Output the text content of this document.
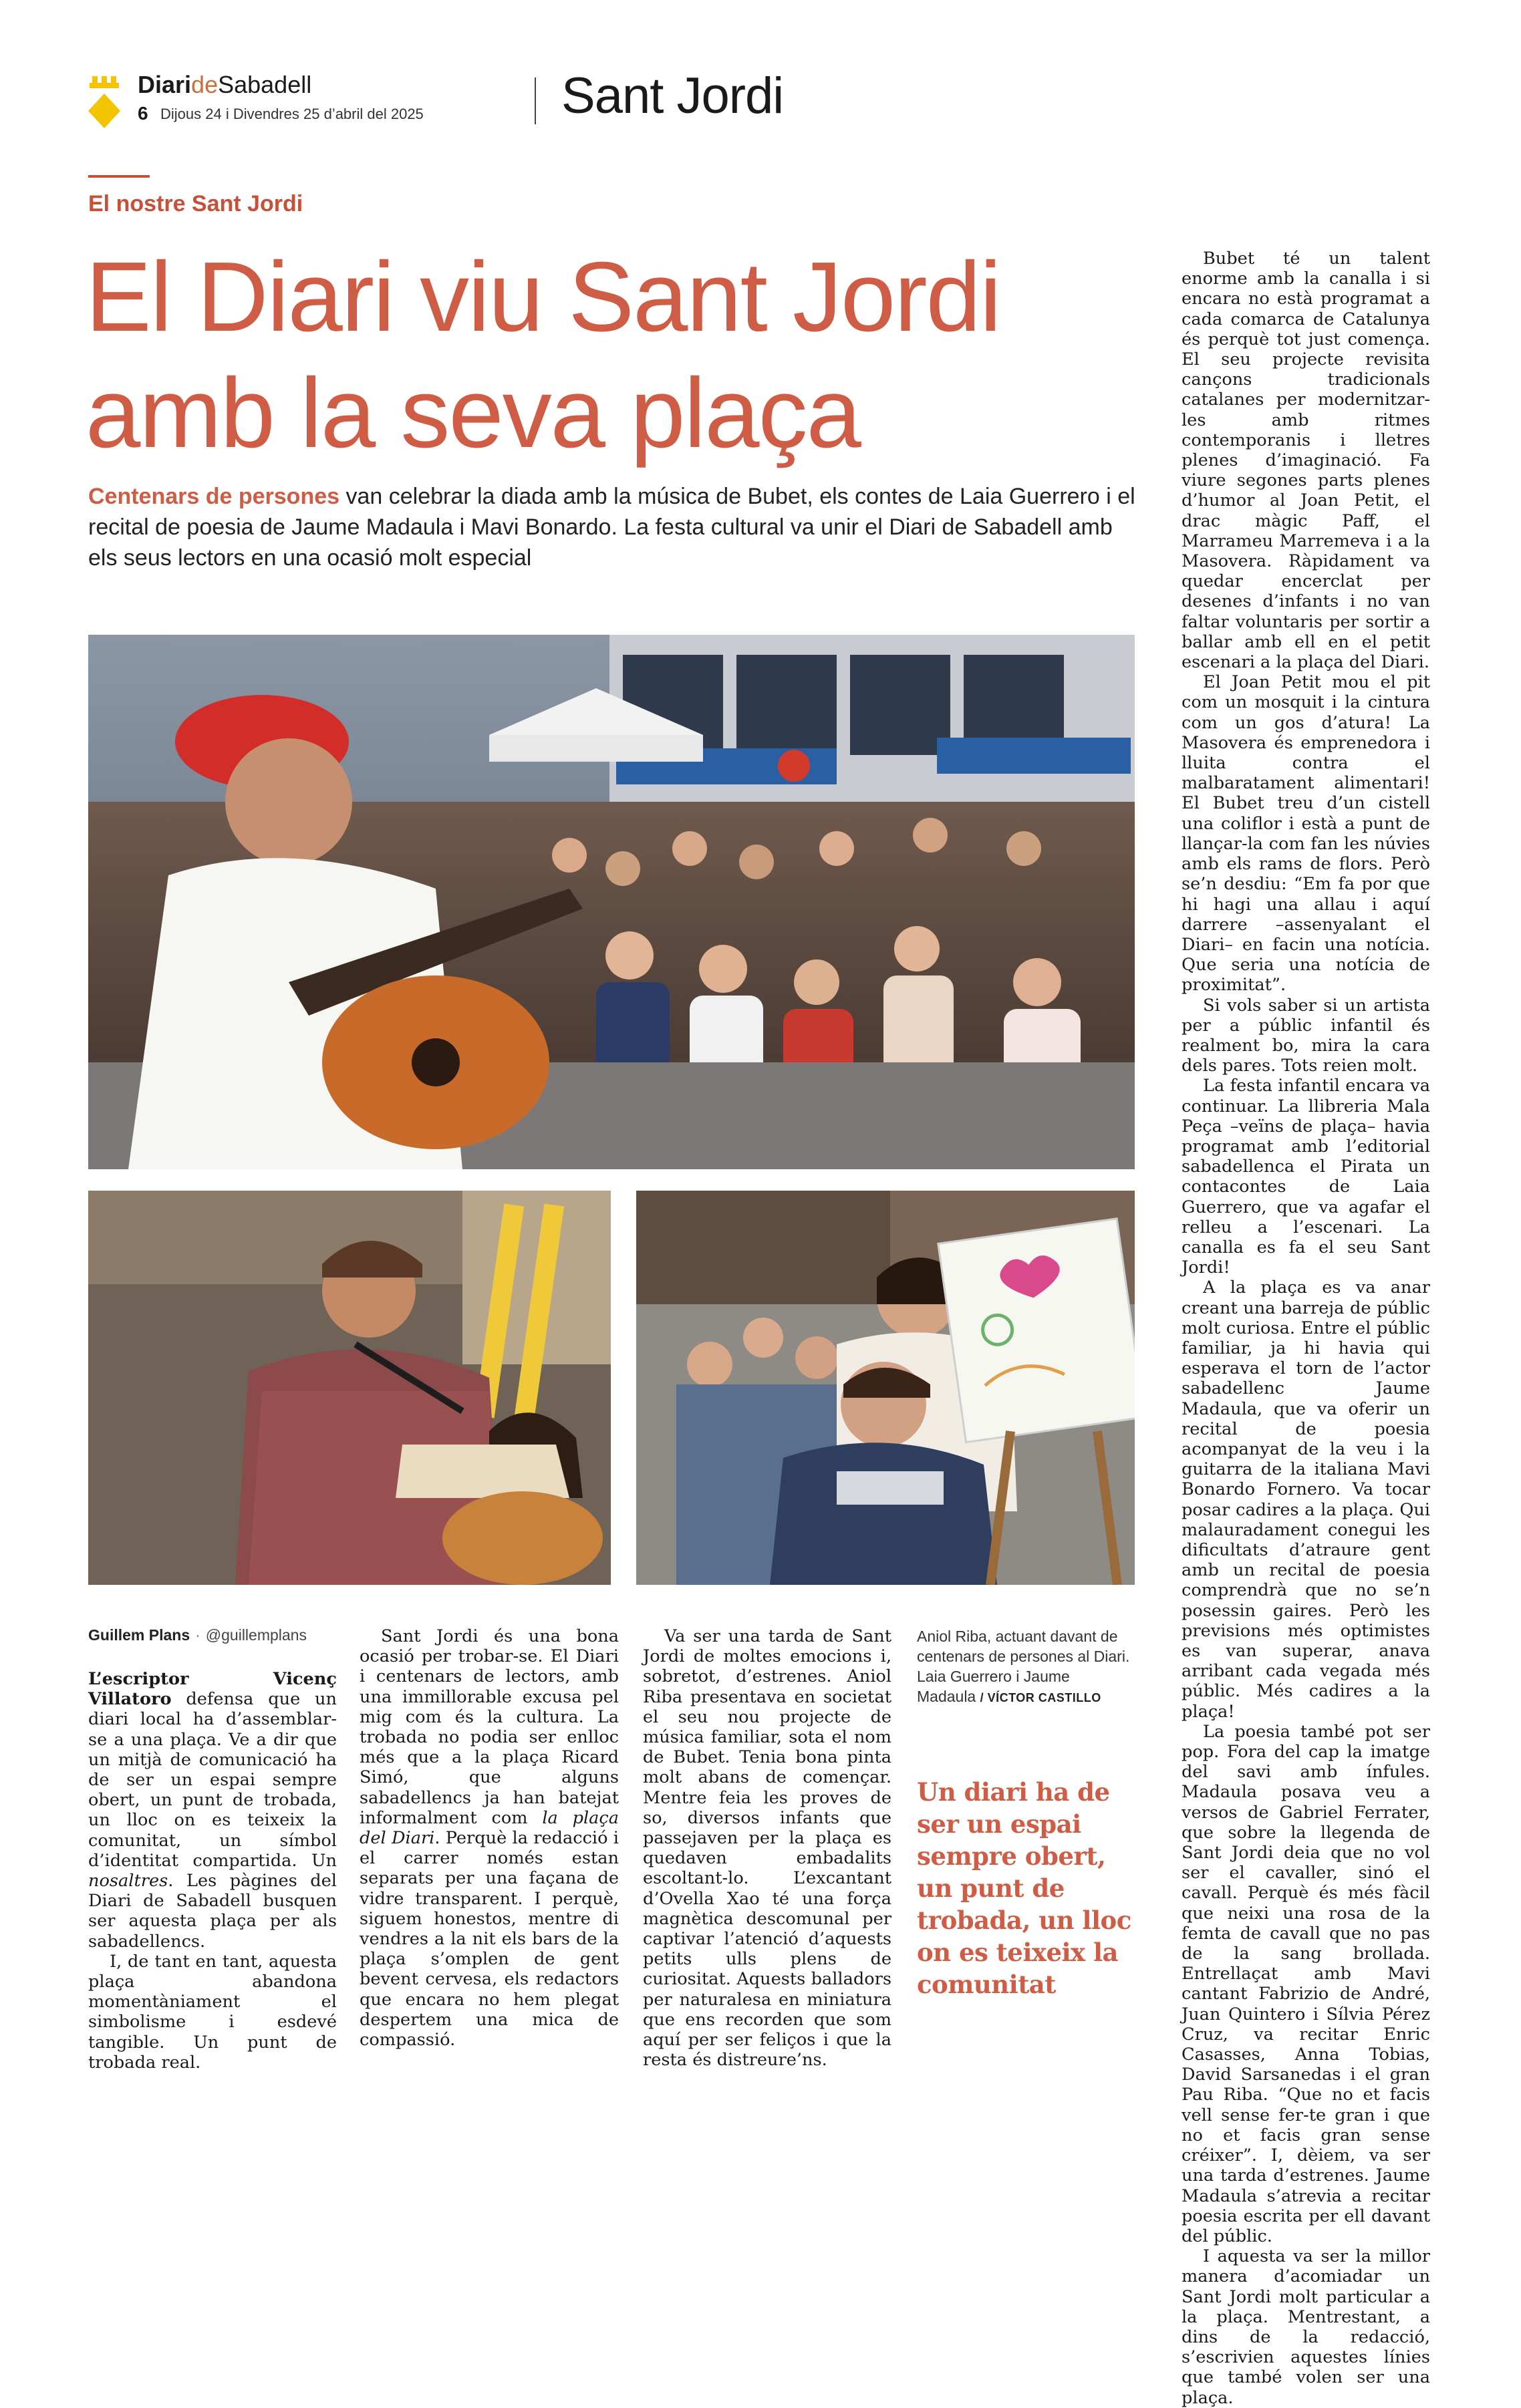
DiarideSabadell
6 Dijous 24 i Divendres 25 d’abril del 2025	Sant Jordi
El nostre Sant Jordi
El Diari viu Sant Jordi
amb la seva plaça

Centenars de persones van celebrar la diada amb la música de Bubet, els contes de Laia Guerrero i el recital de poesia de Jaume Madaula i Mavi Bonardo. La festa cultural va unir el Diari de Sabadell amb els seus lectors en una ocasió molt especial

Guillem Plans · @guillemplans

L’escriptor Vicenç Villatoro defensa que un diari local ha d’assemblar-se a una plaça. Ve a dir que un mitjà de comunicació ha de ser un espai sempre obert, un punt de trobada, un lloc on es teixeix la comunitat, un símbol d’identitat compartida. Un nosaltres. Les pàgines del Diari de Sabadell busquen ser aquesta plaça per als sabadellencs.

I, de tant en tant, aquesta plaça abandona momentàniament el simbolisme i esdevé tangible. Un punt de trobada real.

Sant Jordi és una bona ocasió per trobar-se. El Diari i centenars de lectors, amb una immillorable excusa pel mig com és la cultura. La trobada no podia ser enlloc més que a la plaça Ricard Simó, que alguns sabadellencs ja han batejat informalment com la plaça del Diari. Perquè la redacció i el carrer només estan separats per una façana de vidre transparent. I perquè, siguem honestos, mentre di vendres a la nit els bars de la plaça s’omplen de gent bevent cervesa, els redactors que encara no hem plegat despertem una mica de compassió.

Va ser una tarda de Sant Jordi de moltes emocions i, sobretot, d’estrenes. Aniol Riba presentava en societat el seu nou projecte de música familiar, sota el nom de Bubet. Tenia bona pinta molt abans de començar. Mentre feia les proves de so, diversos infants que passejaven per la plaça es quedaven embadalits escoltant-lo. L’excantant d’Ovella Xao té una força magnètica descomunal per captivar l’atenció d’aquests petits ulls plens de curiositat. Aquests balladors per naturalesa en miniatura que ens recorden que som aquí per ser feliços i que la resta és distreure’ns.

Aniol Riba, actuant davant de centenars de persones al Diari. Laia Guerrero i Jaume Madaula / VÍCTOR CASTILLO

Un diari ha de ser un espai sempre obert, un punt de trobada, un lloc on es teixeix la comunitat

Bubet té un talent enorme amb la canalla i si encara no està programat a cada comarca de Catalunya és perquè tot just comença. El seu projecte revisita cançons tradicionals catalanes per modernitzar-les amb ritmes contemporanis i lletres plenes d’imaginació. Fa viure segones parts plenes d’humor al Joan Petit, el drac màgic Paff, el Marrameu Marremeva i a la Masovera. Ràpidament va quedar encerclat per desenes d’infants i no van faltar voluntaris per sortir a ballar amb ell en el petit escenari a la plaça del Diari.

El Joan Petit mou el pit com un mosquit i la cintura com un gos d’atura! La Masovera és emprenedora i lluita contra el malbaratament alimentari! El Bubet treu d’un cistell una coliflor i està a punt de llançar-la com fan les núvies amb els rams de flors. Però se’n desdiu: “Em fa por que hi hagi una allau i aquí darrere –assenyalant el Diari– en facin una notícia. Que seria una notícia de proximitat”.

Si vols saber si un artista per a públic infantil és realment bo, mira la cara dels pares. Tots reien molt.

La festa infantil encara va continuar. La llibreria Mala Peça –veïns de plaça– havia programat amb l’editorial sabadellenca el Pirata un contacontes de Laia Guerrero, que va agafar el relleu a l’escenari. La canalla es fa el seu Sant Jordi!

A la plaça es va anar creant una barreja de públic molt curiosa. Entre el públic familiar, ja hi havia qui esperava el torn de l’actor sabadellenc Jaume Madaula, que va oferir un recital de poesia acompanyat de la veu i la guitarra de la italiana Mavi Bonardo Fornero. Va tocar posar cadires a la plaça. Qui malauradament conegui les dificultats d’atraure gent amb un recital de poesia comprendrà que no se’n posessin gaires. Però les previsions més optimistes es van superar, anava arribant cada vegada més públic. Més cadires a la plaça!

La poesia també pot ser pop. Fora del cap la imatge del savi amb ínfules. Madaula posava veu a versos de Gabriel Ferrater, que sobre la llegenda de Sant Jordi deia que no vol ser el cavaller, sinó el cavall. Perquè és més fàcil que neixi una rosa de la femta de cavall que no pas de la sang brollada. Entrellaçat amb Mavi cantant Fabrizio de André, Juan Quintero i Sílvia Pérez Cruz, va recitar Enric Casasses, Anna Tobias, David Sarsanedas i el gran Pau Riba. “Que no et facis vell sense fer-te gran i que no et facis gran sense créixer”. I, dèiem, va ser una tarda d’estrenes. Jaume Madaula s’atrevia a recitar poesia escrita per ell davant del públic.

I aquesta va ser la millor manera d’acomiadar un Sant Jordi molt particular a la plaça. Mentrestant, a dins de la redacció, s’escrivien aquestes línies que també volen ser una plaça.
